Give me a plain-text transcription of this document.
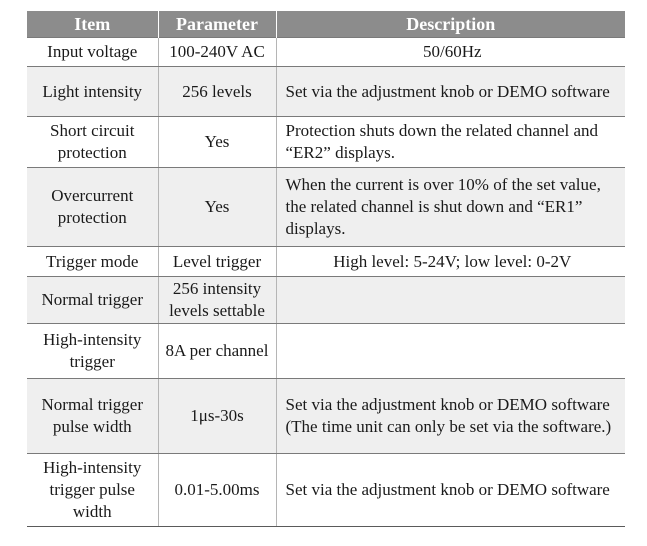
Item	Parameter	Description
Input voltage	100-240V AC	50/60Hz
Light intensity	256 levels	Set via the adjustment knob or DEMO software
Short circuit protection	Yes	Protection shuts down the related channel and “ER2” displays.
Overcurrent protection	Yes	When the current is over 10% of the set value, the related channel is shut down and “ER1” displays.
Trigger mode	Level trigger	High level: 5-24V; low level: 0-2V
Normal trigger	256 intensity levels settable	
High-intensity trigger	8A per channel	
Normal trigger pulse width	1μs-30s	Set via the adjustment knob or DEMO software (The time unit can only be set via the software.)
High-intensity trigger pulse width	0.01-5.00ms	Set via the adjustment knob or DEMO software
